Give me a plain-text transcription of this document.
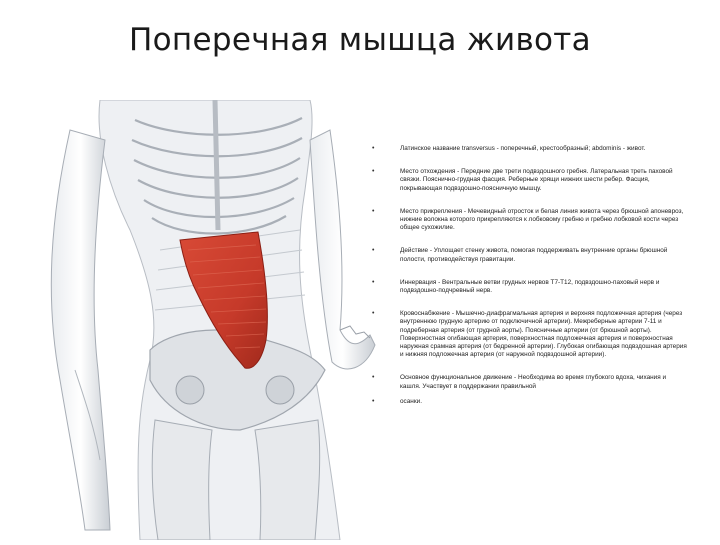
Поперечная мышца живота
•	Латинское название transversus - поперечный, крестообразный; abdominis - живот.
•	Место отхождения - Передние две трети подвздошного гребня. Латеральная треть паховой связки. Пояснично-грудная фасция. Реберные хрящи нижних шести ребер. Фасция, покрывающая подвздошно-поясничную мышцу.
•	Место прикрепления - Мечевидный отросток и белая линия живота через брюшной апоневроз, нижние волокна которого прикрепляются к лобковому гребню и гребню лобковой кости через общее сухожилие.
•	Действие - Уплощает стенку живота, помогая поддерживать внутренние органы брюшной полости, противодействуя гравитации.
•	Иннервация - Вентральные ветви грудных нервов Т7-Т12, подвздошно-паховый нерв и подвздошно-подчревный нерв.
•	Кровоснабжение - Мышечно-диафрагмальная артерия и верхняя подложечная артерия (через внутреннюю грудную артерию от подключичной артерии). Межреберные артерии 7-11 и подреберная артерия (от грудной аорты). Поясничные артерии (от брюшной аорты). Поверхностная огибающая артерия, поверхностная подложечная артерия и поверхностная наружная срамная артерия (от бедренной артерии). Глубокая огибающая подвздошная артерия и нижняя подложечная артерия (от наружной подвздошной артерии).
•	Основное функциональное движение - Необходима во время глубокого вдоха, чихания и кашля. Участвует в поддержании правильной
•	осанки.
